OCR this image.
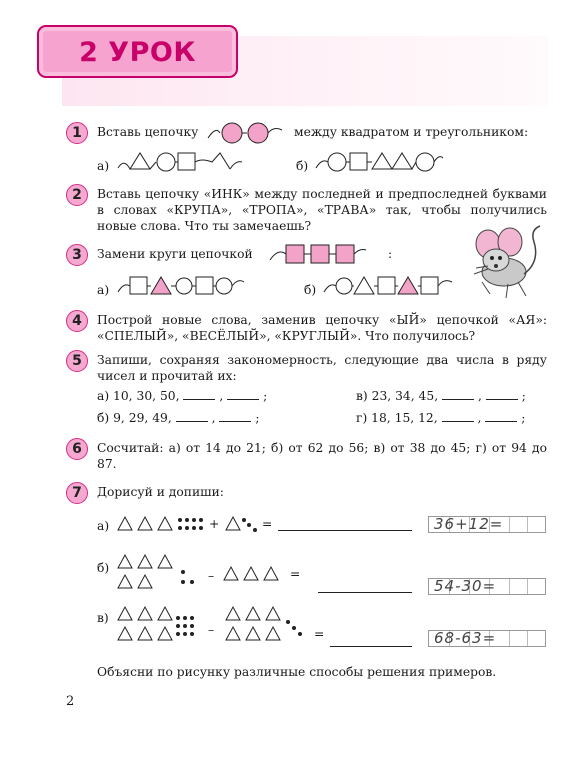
2 УРОК
1	Вставь цепочку	между квадратом и треугольником:
а)	б)
2	Вставь цепочку «ИНК» между последней и предпоследней буквами в словах «КРУПА», «ТРОПА», «ТРАВА» так, чтобы получились новые слова. Что ты замечаешь?
3	Замени круги цепочкой	:
а)	б)
4	Построй новые слова, заменив цепочку «ЫЙ» цепочкой «АЯ»: «СПЕЛЫЙ», «ВЕСЁЛЫЙ», «КРУГЛЫЙ». Что получилось?
5	Запиши, сохраняя закономерность, следующие два числа в ряду чисел и прочитай их:
а) 10, 30, 50,	,	;	в) 23, 34, 45,	,	;
б) 9, 29, 49,	,	;	г) 18, 15, 12,	,	;
6	Сосчитай: а) от 14 до 21; б) от 62 до 56; в) от 38 до 45; г) от 94 до 87.
7	Дорисуй и допиши:
а)	+	=	36+12=
б)
–	=
54-30=
в)
–	=	68-63=
Объясни по рисунку различные способы решения примеров.
2
